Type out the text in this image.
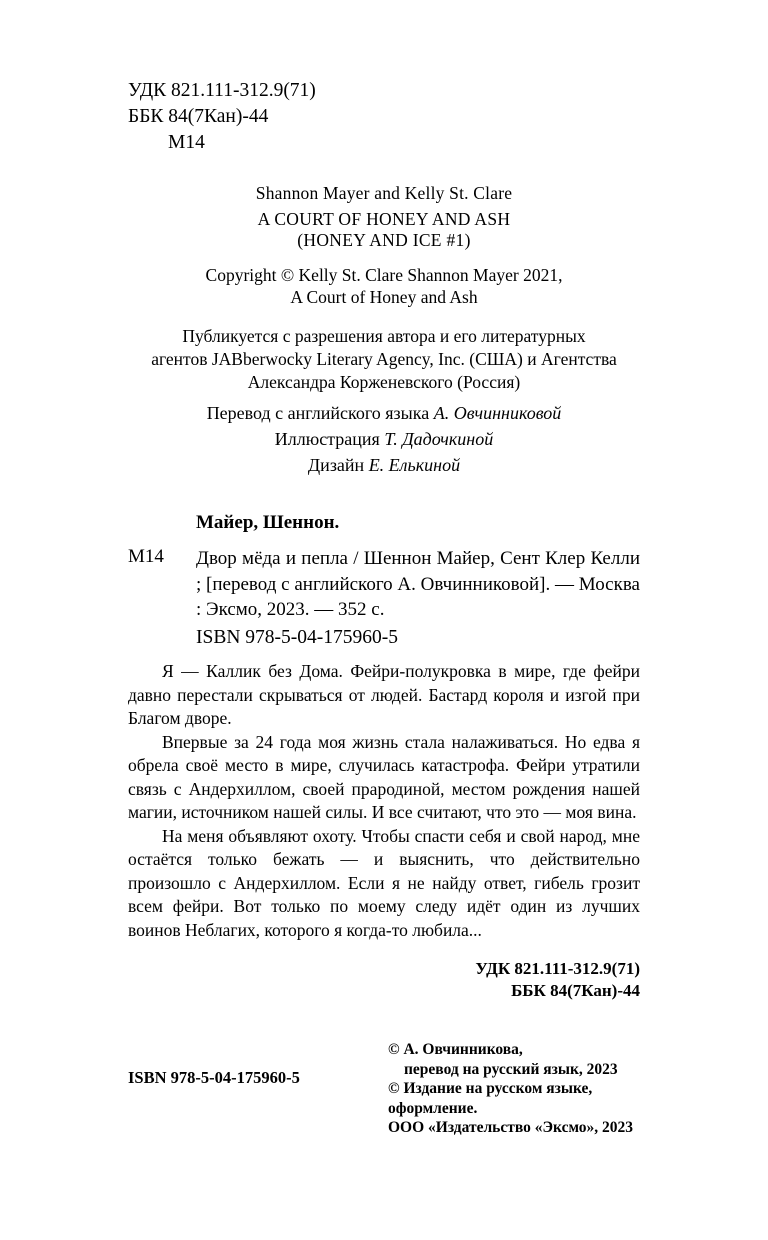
УДК 821.111-312.9(71)
ББК 84(7Кан)-44
М14
Shannon Mayer and Kelly St. Clare
A COURT OF HONEY AND ASH
(HONEY AND ICE #1)
Copyright © Kelly St. Clare Shannon Mayer 2021,
A Court of Honey and Ash
Публикуется с разрешения автора и его литературных
агентов JABberwocky Literary Agency, Inc. (США) и Агентства
Александра Корженевского (Россия)
Перевод с английского языка А. Овчинниковой
Иллюстрация Т. Дадочкиной
Дизайн Е. Елькиной
Майер, Шеннон.
М14 Двор мёда и пепла / Шеннон Майер, Сент Клер Келли ; [перевод с английского А. Овчинниковой]. — Москва : Эксмо, 2023. — 352 с.
ISBN 978-5-04-175960-5

Я — Каллик без Дома. Фейри-полукровка в мире, где фейри давно перестали скрываться от людей. Бастард короля и изгой при Благом дворе.

Впервые за 24 года моя жизнь стала налаживаться. Но едва я обрела своё место в мире, случилась катастрофа. Фейри утратили связь с Андерхиллом, своей прародиной, местом рождения нашей магии, источником нашей силы. И все считают, что это — моя вина.

На меня объявляют охоту. Чтобы спасти себя и свой народ, мне остаётся только бежать — и выяснить, что действительно произошло с Андерхиллом. Если я не найду ответ, гибель грозит всем фейри. Вот только по моему следу идёт один из лучших воинов Неблагих, которого я когда-то любила...

УДК 821.111-312.9(71)
ББК 84(7Кан)-44
© А. Овчинникова,
перевод на русский язык, 2023
© Издание на русском языке, оформление.
ООО «Издательство «Эксмо», 2023
ISBN 978-5-04-175960-5
